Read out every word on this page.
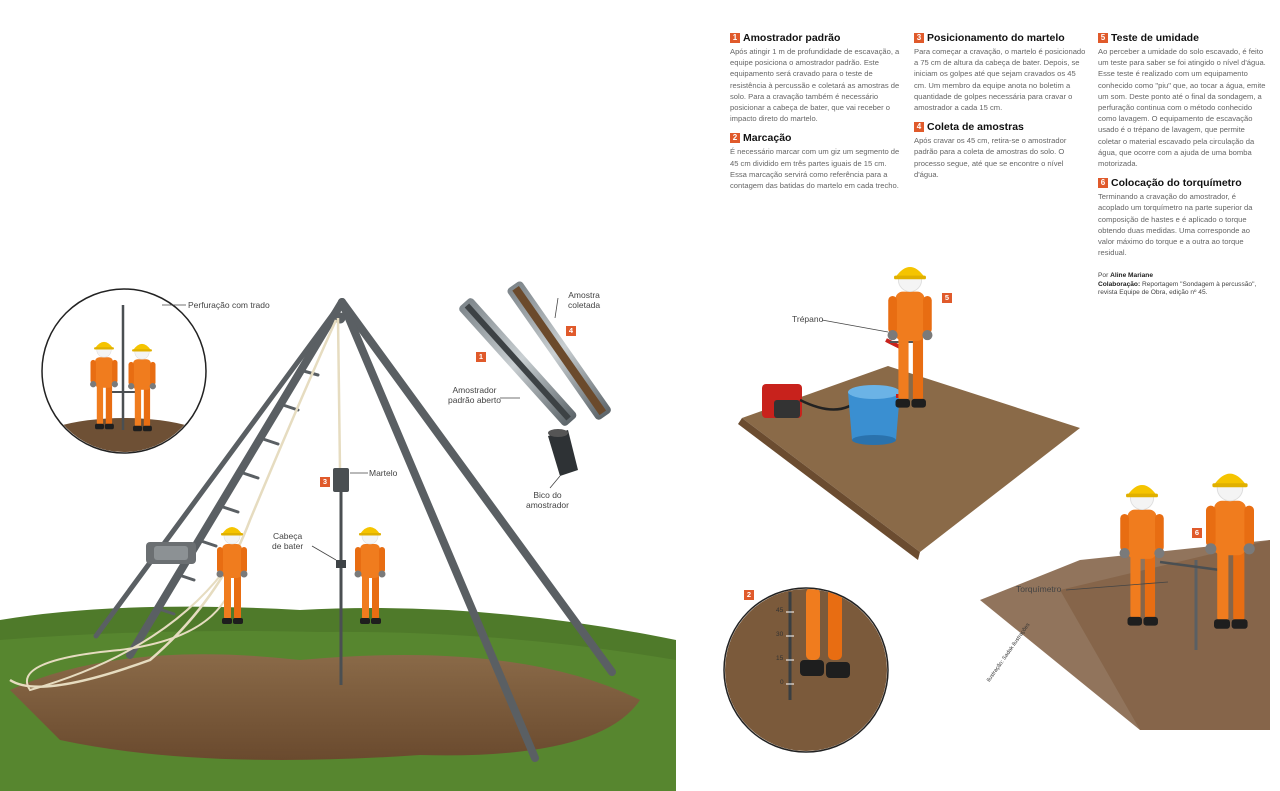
1 Amostrador padrão

Após atingir 1 m de profundidade de escavação, a equipe posiciona o amostrador padrão. Este equipamento será cravado para o teste de resistência à percussão e coletará as amostras de solo. Para a cravação também é necessário posicionar a cabeça de bater, que vai receber o impacto direto do martelo.

2 Marcação

É necessário marcar com um giz um segmento de 45 cm dividido em três partes iguais de 15 cm. Essa marcação servirá como referência para a contagem das batidas do martelo em cada trecho.

3 Posicionamento do martelo

Para começar a cravação, o martelo é posicionado a 75 cm de altura da cabeça de bater. Depois, se iniciam os golpes até que sejam cravados os 45 cm. Um membro da equipe anota no boletim a quantidade de golpes necessária para cravar o amostrador a cada 15 cm.

4 Coleta de amostras

Após cravar os 45 cm, retira-se o amostrador padrão para a coleta de amostras do solo. O processo segue, até que se encontre o nível d'água.

5 Teste de umidade

Ao perceber a umidade do solo escavado, é feito um teste para saber se foi atingido o nível d'água. Esse teste é realizado com um equipamento conhecido como "piu" que, ao tocar a água, emite um som. Deste ponto até o final da sondagem, a perfuração continua com o método conhecido como lavagem. O equipamento de escavação usado é o trépano de lavagem, que permite coletar o material escavado pela circulação da água, que ocorre com a ajuda de uma bomba motorizada.

6 Colocação do torquímetro

Terminando a cravação do amostrador, é acoplado um torquímetro na parte superior da composição de hastes e é aplicado o torque obtendo duas medidas. Uma corresponde ao valor máximo do torque e a outra ao torque residual.

Por Aline Mariane
Colaboração: Reportagem "Sondagem à percussão", revista Equipe de Obra, edição nº 45.
Perfuração com trado
Martelo
Cabeça
de bater
Amostra
coletada
Amostrador
padrão aberto
Bico do
amostrador
Trépano
Torquímetro
Ilustração: Sadak Ilustrações
45
30
15
0
1
2
3
4
5
6
